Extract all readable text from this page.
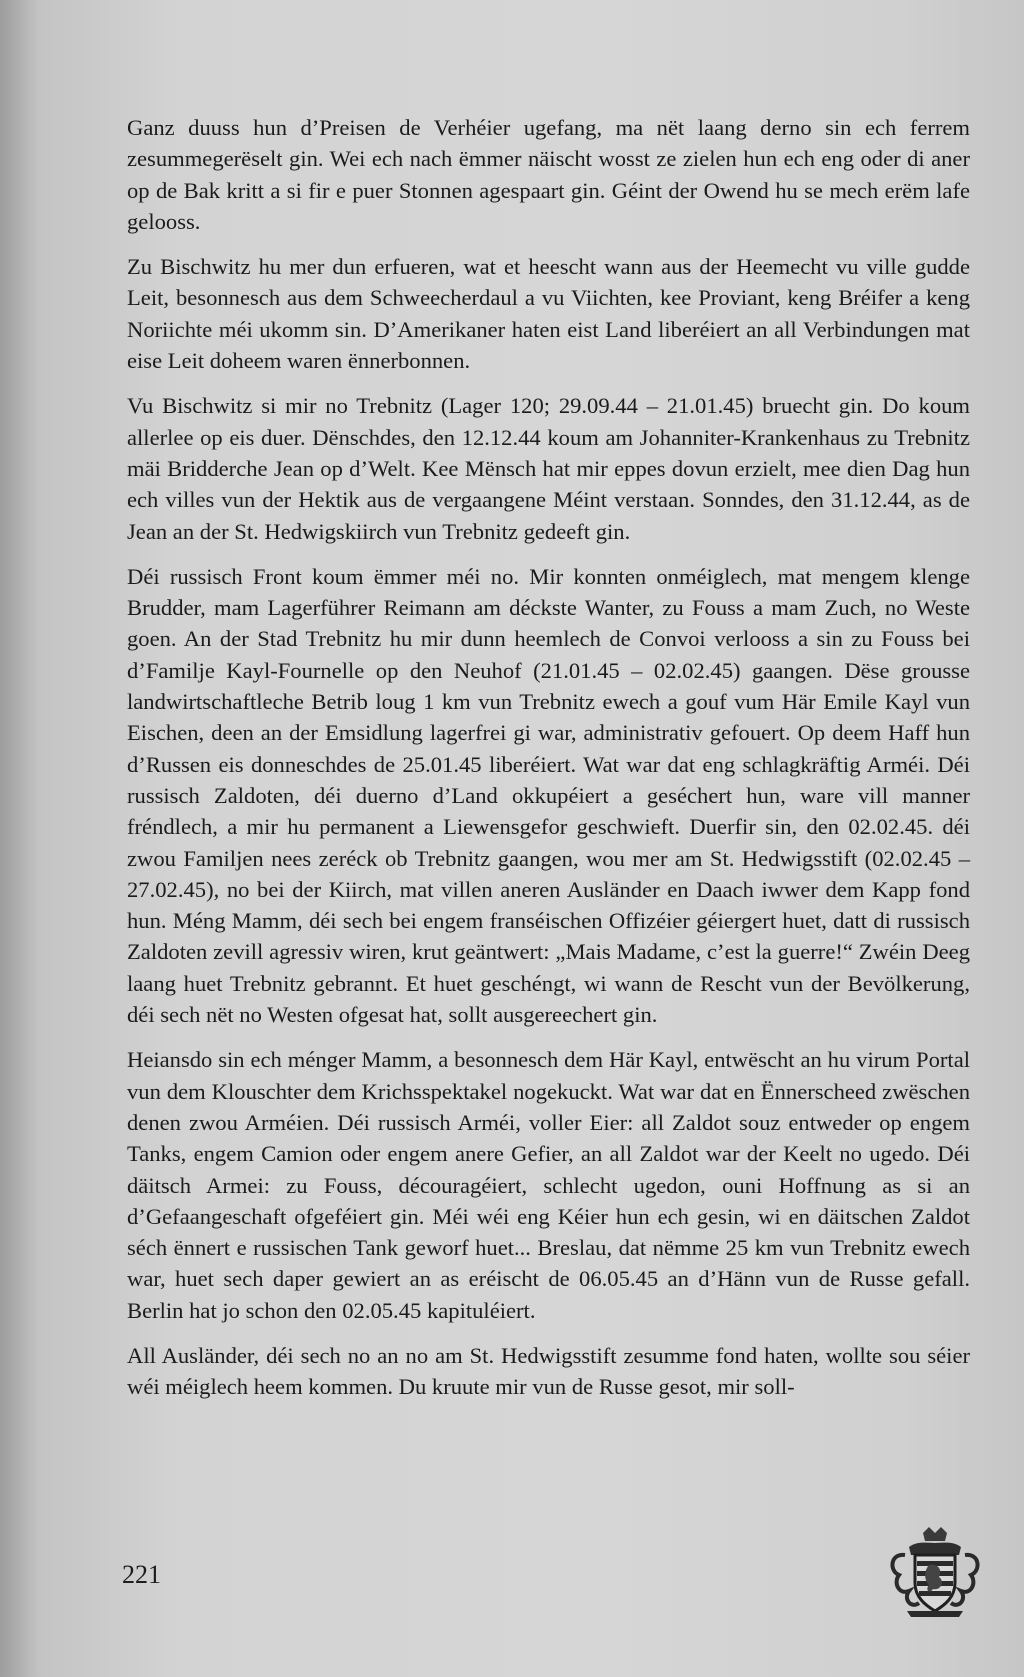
Ganz duuss hun d’Preisen de Verhéier ugefang, ma nët laang derno sin ech ferrem zesummegerëselt gin. Wei ech nach ëmmer näischt wosst ze zielen hun ech eng oder di aner op de Bak kritt a si fir e puer Stonnen agespaart gin. Géint der Owend hu se mech erëm lafe gelooss.

Zu Bischwitz hu mer dun erfueren, wat et heescht wann aus der Heemecht vu ville gudde Leit, besonnesch aus dem Schweecherdaul a vu Viichten, kee Proviant, keng Bréifer a keng Noriichte méi ukomm sin. D’Amerikaner haten eist Land liberéiert an all Verbindungen mat eise Leit doheem waren ënnerbonnen.

Vu Bischwitz si mir no Trebnitz (Lager 120; 29.09.44 – 21.01.45) bruecht gin. Do koum allerlee op eis duer. Dënschdes, den 12.12.44 koum am Johanniter-Krankenhaus zu Trebnitz mäi Bridderche Jean op d’Welt. Kee Mënsch hat mir eppes dovun erzielt, mee dien Dag hun ech villes vun der Hektik aus de vergaangene Méint verstaan. Sonndes, den 31.12.44, as de Jean an der St. Hedwigskiirch vun Trebnitz gedeeft gin.

Déi russisch Front koum ëmmer méi no. Mir konnten onméiglech, mat mengem klenge Brudder, mam Lagerführer Reimann am déckste Wanter, zu Fouss a mam Zuch, no Weste goen. An der Stad Trebnitz hu mir dunn heemlech de Convoi verlooss a sin zu Fouss bei d’Familje Kayl-Fournelle op den Neuhof (21.01.45 – 02.02.45) gaangen. Dëse grousse landwirtschaftleche Betrib loug 1 km vun Trebnitz ewech a gouf vum Här Emile Kayl vun Eischen, deen an der Emsidlung lagerfrei gi war, administrativ gefouert. Op deem Haff hun d’Russen eis donneschdes de 25.01.45 liberéiert. Wat war dat eng schlagkräftig Arméi. Déi russisch Zaldoten, déi duerno d’Land okkupéiert a geséchert hun, ware vill manner fréndlech, a mir hu permanent a Liewensgefor geschwieft. Duerfir sin, den 02.02.45. déi zwou Familjen nees zeréck ob Trebnitz gaangen, wou mer am St. Hedwigsstift (02.02.45 – 27.02.45), no bei der Kiirch, mat villen aneren Ausländer en Daach iwwer dem Kapp fond hun. Méng Mamm, déi sech bei engem franséischen Offizéier géiergert huet, datt di russisch Zaldoten zevill agressiv wiren, krut geäntwert: „Mais Madame, c’est la guerre!“ Zwéin Deeg laang huet Trebnitz gebrannt. Et huet geschéngt, wi wann de Rescht vun der Bevölkerung, déi sech nët no Westen ofgesat hat, sollt ausgereechert gin.

Heiansdo sin ech ménger Mamm, a besonnesch dem Här Kayl, entwëscht an hu virum Portal vun dem Klouschter dem Krichsspektakel nogekuckt. Wat war dat en Ënnerscheed zwëschen denen zwou Arméien. Déi russisch Arméi, voller Eier: all Zaldot souz entweder op engem Tanks, engem Camion oder engem anere Gefier, an all Zaldot war der Keelt no ugedo. Déi däitsch Armei: zu Fouss, découragéiert, schlecht ugedon, ouni Hoffnung as si an d’Gefaangeschaft ofgeféiert gin. Méi wéi eng Kéier hun ech gesin, wi en däitschen Zaldot séch ënnert e russischen Tank geworf huet... Breslau, dat nëmme 25 km vun Trebnitz ewech war, huet sech daper gewiert an as eréischt de 06.05.45 an d’Hänn vun de Russe gefall. Berlin hat jo schon den 02.05.45 kapituléiert.

All Ausländer, déi sech no an no am St. Hedwigsstift zesumme fond haten, wollte sou séier wéi méiglech heem kommen. Du kruute mir vun de Russe gesot, mir soll-

221
